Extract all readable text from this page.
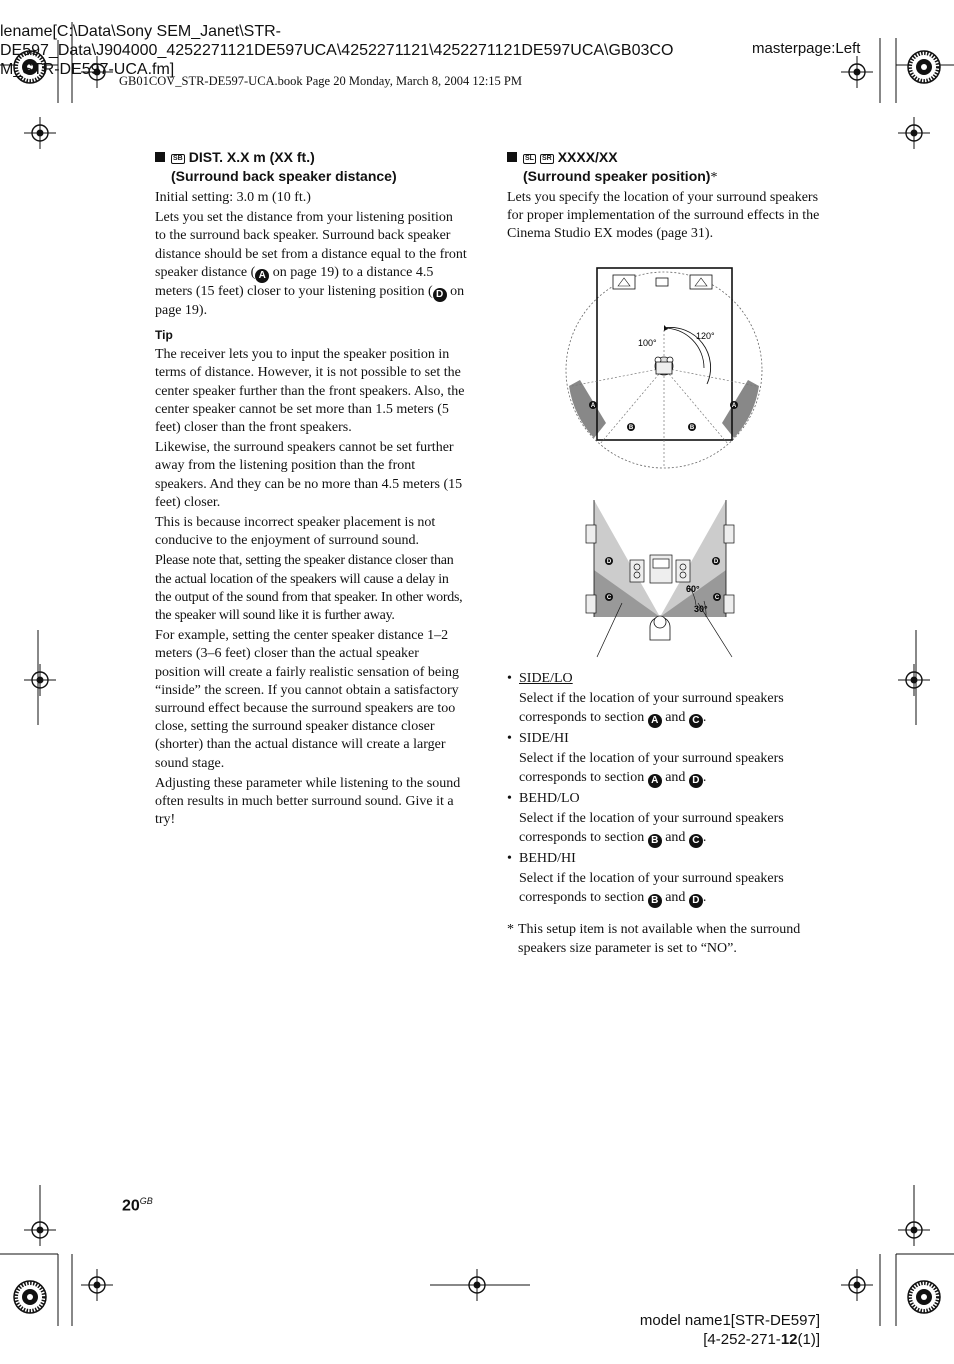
lename[C:\Data\Sony SEM_Janet\STR-
DE597_Data\J904000_4252271121DE597UCA\4252271121\4252271121DE597UCA\GB03CO
M_STR-DE597-UCA.fm]
masterpage:Left
GB01COV_STR-DE597-UCA.book Page 20 Monday, March 8, 2004 12:15 PM
SB DIST. X.X m (XX ft.)
(Surround back speaker distance)

Initial setting: 3.0 m (10 ft.)

Lets you set the distance from your listening position to the surround back speaker. Surround back speaker distance should be set from a distance equal to the front speaker distance ( A on page 19) to a distance 4.5 meters (15 feet) closer to your listening position ( D on page 19).

Tip

The receiver lets you to input the speaker position in terms of distance. However, it is not possible to set the center speaker further than the front speakers. Also, the center speaker cannot be set more than 1.5 meters (5 feet) closer than the front speakers.

Likewise, the surround speakers cannot be set further away from the listening position than the front speakers. And they can be no more than 4.5 meters (15 feet) closer.

This is because incorrect speaker placement is not conducive to the enjoyment of surround sound.

Please note that, setting the speaker distance closer than the actual location of the speakers will cause a delay in the output of the sound from that speaker. In other words, the speaker will sound like it is further away.

For example, setting the center speaker distance 1–2 meters (3–6 feet) closer than the actual speaker position will create a fairly realistic sensation of being “inside” the screen. If you cannot obtain a satisfactory surround effect because the surround speakers are too close, setting the surround speaker distance closer (shorter) than the actual distance will create a larger sound stage.

Adjusting these parameter while listening to the sound often results in much better surround sound. Give it a try!

SL SR XXXX/XX
(Surround speaker position)*

Lets you specify the location of your surround speakers for proper implementation of the surround effects in the Cinema Studio EX modes (page 31).

100°
120°
A	A
B	B
60°
30°
D	D
C	C
• SIDE/LO
Select if the location of your surround speakers corresponds to section A and C .
• SIDE/HI
Select if the location of your surround speakers corresponds to section A and D .
• BEHD/LO
Select if the location of your surround speakers corresponds to section B and C .
• BEHD/HI
Select if the location of your surround speakers corresponds to section B and D .
* This setup item is not available when the surround speakers size parameter is set to “NO”.
$20^{GB}$
model name1[STR-DE597]
[4-252-271-12(1)]
